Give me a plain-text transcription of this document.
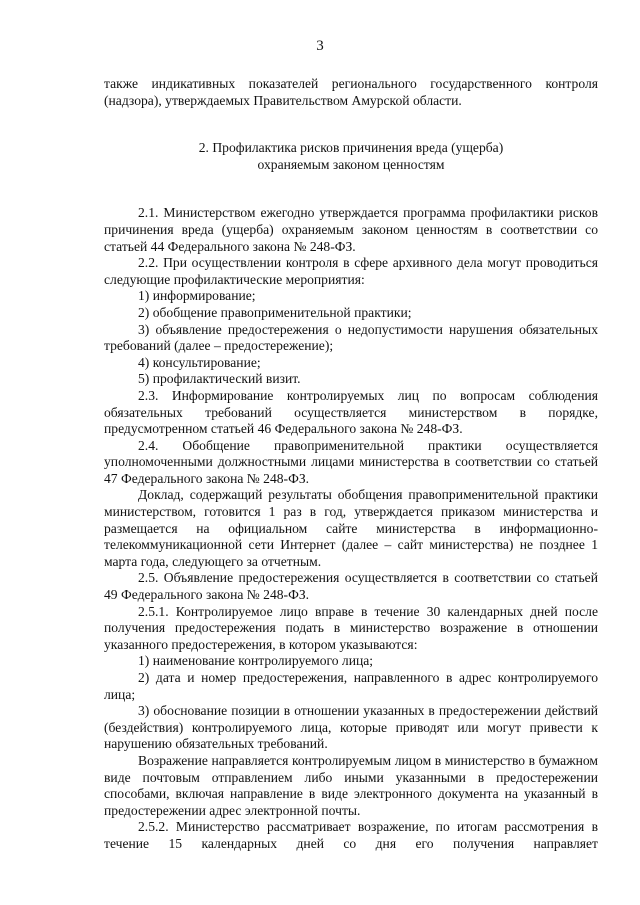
3

также индикативных показателей регионального государственного контроля (надзора), утверждаемых Правительством Амурской области.

2. Профилактика рисков причинения вреда (ущерба)
охраняемым законом ценностям

2.1. Министерством ежегодно утверждается программа профилактики рисков причинения вреда (ущерба) охраняемым законом ценностям в соответствии со статьей 44 Федерального закона № 248-ФЗ.

2.2. При осуществлении контроля в сфере архивного дела могут проводиться следующие профилактические мероприятия:

1) информирование;

2) обобщение правоприменительной практики;

3) объявление предостережения о недопустимости нарушения обязательных требований (далее – предостережение);

4) консультирование;

5) профилактический визит.

2.3. Информирование контролируемых лиц по вопросам соблюдения обязательных требований осуществляется министерством в порядке, предусмотренном статьей 46 Федерального закона № 248-ФЗ.

2.4. Обобщение правоприменительной практики осуществляется уполномоченными должностными лицами министерства в соответствии со статьей 47 Федерального закона № 248-ФЗ.

Доклад, содержащий результаты обобщения правоприменительной практики министерством, готовится 1 раз в год, утверждается приказом министерства и размещается на официальном сайте министерства в информационно-телекоммуникационной сети Интернет (далее – сайт министерства) не позднее 1 марта года, следующего за отчетным.

2.5. Объявление предостережения осуществляется в соответствии со статьей 49 Федерального закона № 248-ФЗ.

2.5.1. Контролируемое лицо вправе в течение 30 календарных дней после получения предостережения подать в министерство возражение в отношении указанного предостережения, в котором указываются:

1) наименование контролируемого лица;

2) дата и номер предостережения, направленного в адрес контролируемого лица;

3) обоснование позиции в отношении указанных в предостережении действий (бездействия) контролируемого лица, которые приводят или могут привести к нарушению обязательных требований.

Возражение направляется контролируемым лицом в министерство в бумажном виде почтовым отправлением либо иными указанными в предостережении способами, включая направление в виде электронного документа на указанный в предостережении адрес электронной почты.

2.5.2. Министерство рассматривает возражение, по итогам рассмотрения в течение 15 календарных дней со дня его получения направляет
